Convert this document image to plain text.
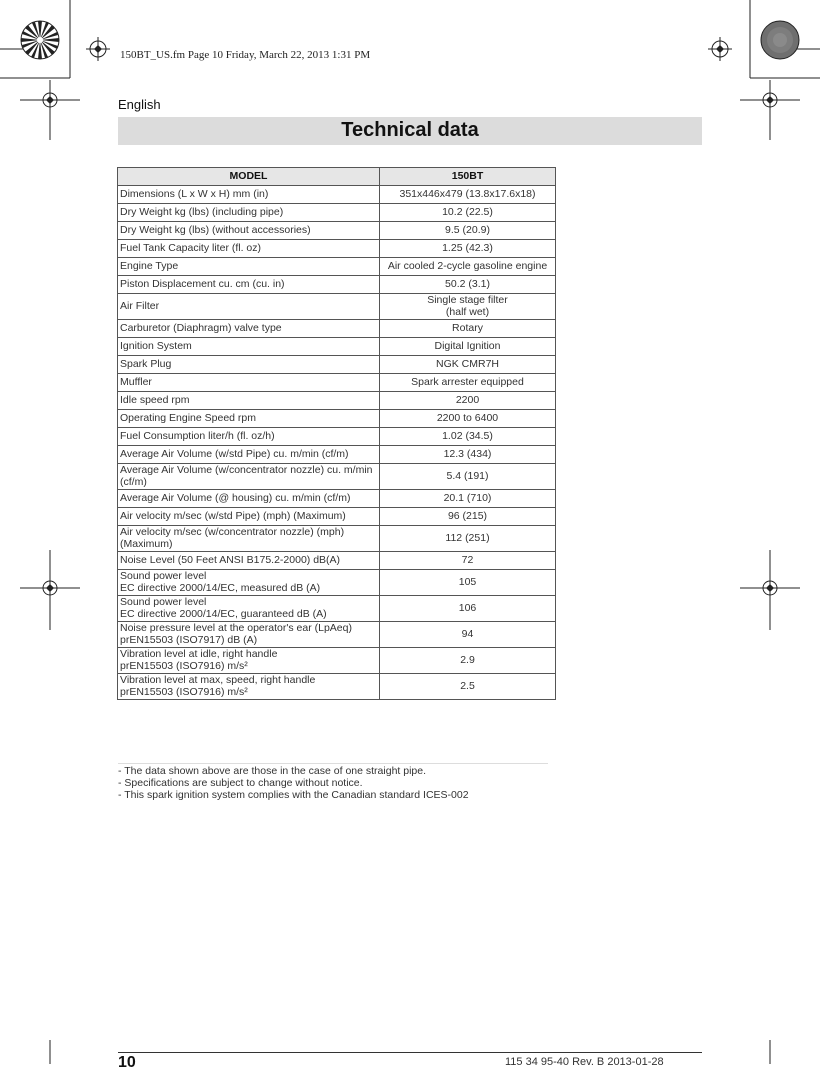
150BT_US.fm Page 10 Friday, March 22, 2013 1:31 PM
English
Technical data
MODEL	150BT
Dimensions (L x W x H) mm (in)	351x446x479 (13.8x17.6x18)
Dry Weight kg (lbs) (including pipe)	10.2 (22.5)
Dry Weight kg (lbs) (without accessories)	9.5 (20.9)
Fuel Tank Capacity liter (fl. oz)	1.25 (42.3)
Engine Type	Air cooled 2-cycle gasoline engine
Piston Displacement cu. cm (cu. in)	50.2 (3.1)
Air Filter	Single stage filter
(half wet)
Carburetor (Diaphragm) valve type	Rotary
Ignition System	Digital Ignition
Spark Plug	NGK CMR7H
Muffler	Spark arrester equipped
Idle speed rpm	2200
Operating Engine Speed rpm	2200 to 6400
Fuel Consumption liter/h (fl. oz/h)	1.02 (34.5)
Average Air Volume (w/std Pipe) cu. m/min (cf/m)	12.3 (434)
Average Air Volume (w/concentrator nozzle) cu. m/min (cf/m)	5.4 (191)
Average Air Volume (@ housing) cu. m/min (cf/m)	20.1 (710)
Air velocity m/sec (w/std Pipe) (mph) (Maximum)	96 (215)
Air velocity m/sec (w/concentrator nozzle) (mph) (Maximum)	112 (251)
Noise Level (50 Feet ANSI B175.2-2000) dB(A)	72
Sound power level
EC directive 2000/14/EC, measured dB (A)	105
Sound power level
EC directive 2000/14/EC, guaranteed dB (A)	106
Noise pressure level at the operator's ear (LpAeq)
prEN15503 (ISO7917) dB (A)	94
Vibration level at idle, right handle
prEN15503 (ISO7916) m/s²	2.9
Vibration level at max, speed, right handle
prEN15503 (ISO7916) m/s²	2.5
- The data shown above are those in the case of one straight pipe.
- Specifications are subject to change without notice.
- This spark ignition system complies with the Canadian standard ICES-002
10	115 34 95-40 Rev. B 2013-01-28
